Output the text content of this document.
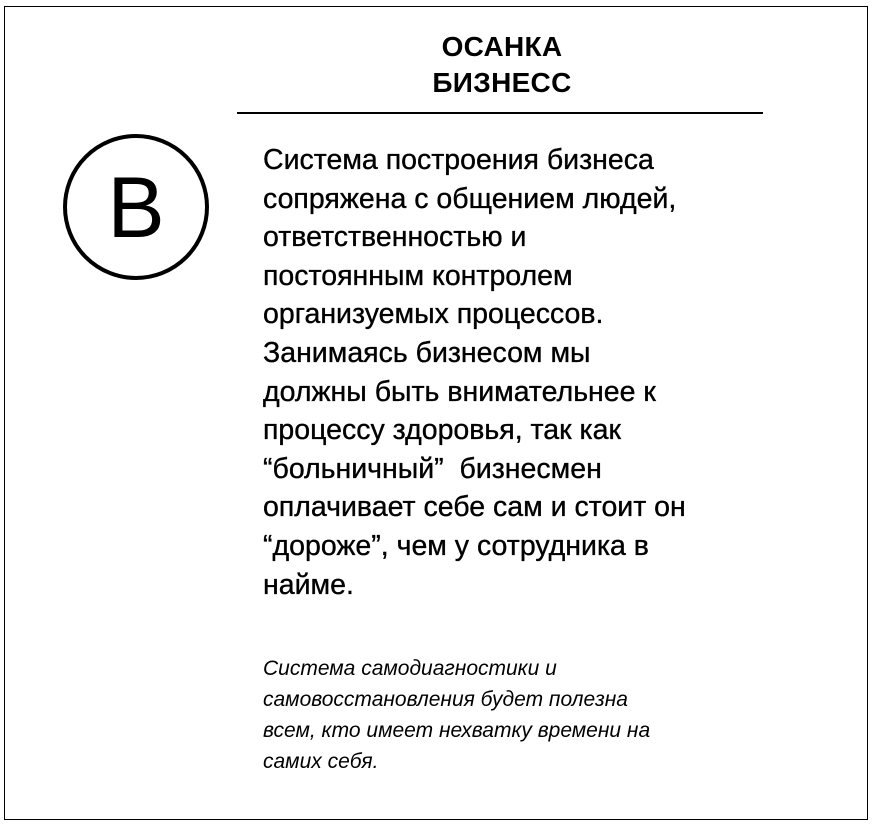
ОСАНКА
БИЗНЕСС
B	Система построения бизнеса
сопряжена с общением людей,
ответственностью и
постоянным контролем
организуемых процессов.
Занимаясь бизнесом мы
должны быть внимательнее к
процессу здоровья, так как
“больничный”  бизнесмен
оплачивает себе сам и стоит он
“дороже”, чем у сотрудника в
найме.
Система самодиагностики и
самовосстановления будет полезна
всем, кто имеет нехватку времени на
самих себя.
